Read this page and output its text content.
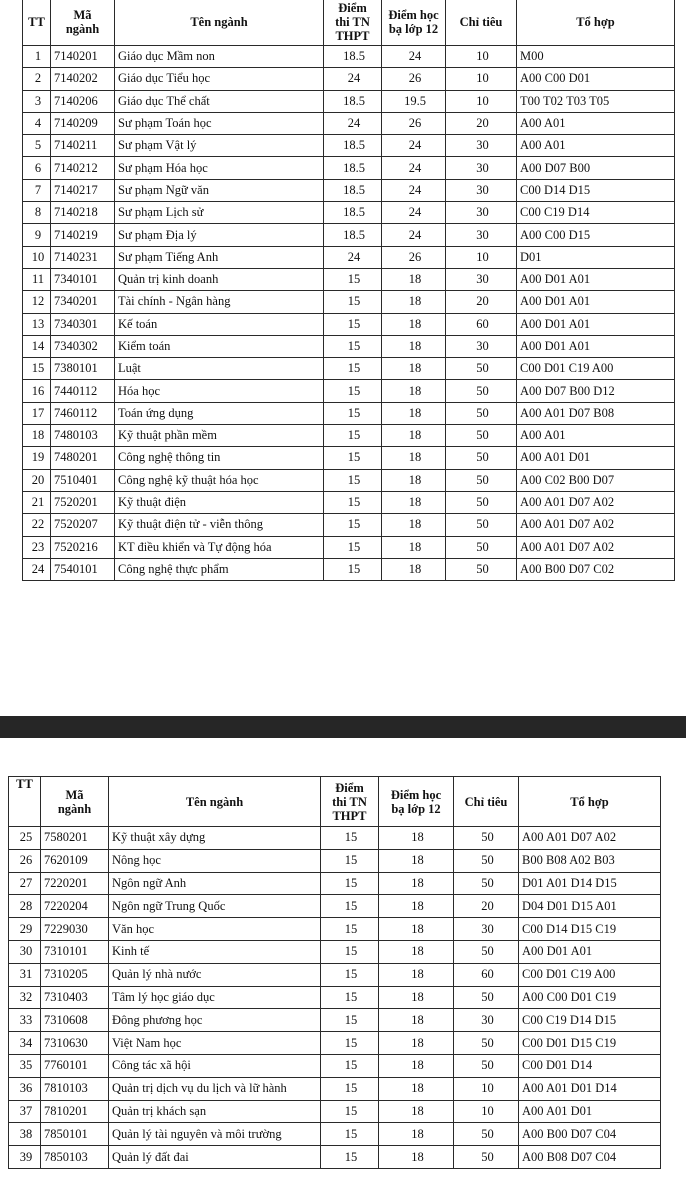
TT	Mã
ngành	Tên ngành	Điểm
thi TN
THPT	Điểm học
bạ lớp 12	Chỉ tiêu	Tổ hợp
1	7140201	Giáo dục Mầm non	18.5	24	10	M00
2	7140202	Giáo dục Tiểu học	24	26	10	A00 C00 D01
3	7140206	Giáo dục Thể chất	18.5	19.5	10	T00 T02 T03 T05
4	7140209	Sư phạm Toán học	24	26	20	A00 A01
5	7140211	Sư phạm Vật lý	18.5	24	30	A00 A01
6	7140212	Sư phạm Hóa học	18.5	24	30	A00 D07 B00
7	7140217	Sư phạm Ngữ văn	18.5	24	30	C00 D14 D15
8	7140218	Sư phạm Lịch sử	18.5	24	30	C00 C19 D14
9	7140219	Sư phạm Địa lý	18.5	24	30	A00 C00 D15
10	7140231	Sư phạm Tiếng Anh	24	26	10	D01
11	7340101	Quản trị kinh doanh	15	18	30	A00 D01 A01
12	7340201	Tài chính - Ngân hàng	15	18	20	A00 D01 A01
13	7340301	Kế toán	15	18	60	A00 D01 A01
14	7340302	Kiểm toán	15	18	30	A00 D01 A01
15	7380101	Luật	15	18	50	C00 D01 C19 A00
16	7440112	Hóa học	15	18	50	A00 D07 B00 D12
17	7460112	Toán ứng dụng	15	18	50	A00 A01 D07 B08
18	7480103	Kỹ thuật phần mềm	15	18	50	A00 A01
19	7480201	Công nghệ thông tin	15	18	50	A00 A01 D01
20	7510401	Công nghệ kỹ thuật hóa học	15	18	50	A00 C02 B00 D07
21	7520201	Kỹ thuật điện	15	18	50	A00 A01 D07 A02
22	7520207	Kỹ thuật điện tử - viễn thông	15	18	50	A00 A01 D07 A02
23	7520216	KT điều khiển và Tự động hóa	15	18	50	A00 A01 D07 A02
24	7540101	Công nghệ thực phẩm	15	18	50	A00 B00 D07 C02
TT	Mã
ngành	Tên ngành	Điểm
thi TN
THPT	Điểm học
bạ lớp 12	Chỉ tiêu	Tổ hợp
25	7580201	Kỹ thuật xây dựng	15	18	50	A00 A01 D07 A02
26	7620109	Nông học	15	18	50	B00 B08 A02 B03
27	7220201	Ngôn ngữ Anh	15	18	50	D01 A01 D14 D15
28	7220204	Ngôn ngữ Trung Quốc	15	18	20	D04 D01 D15 A01
29	7229030	Văn học	15	18	30	C00 D14 D15 C19
30	7310101	Kinh tế	15	18	50	A00 D01 A01
31	7310205	Quản lý nhà nước	15	18	60	C00 D01 C19 A00
32	7310403	Tâm lý học giáo dục	15	18	50	A00 C00 D01 C19
33	7310608	Đông phương học	15	18	30	C00 C19 D14 D15
34	7310630	Việt Nam học	15	18	50	C00 D01 D15 C19
35	7760101	Công tác xã hội	15	18	50	C00 D01 D14
36	7810103	Quản trị dịch vụ du lịch và lữ hành	15	18	10	A00 A01 D01 D14
37	7810201	Quản trị khách sạn	15	18	10	A00 A01 D01
38	7850101	Quản lý tài nguyên và môi trường	15	18	50	A00 B00 D07 C04
39	7850103	Quản lý đất đai	15	18	50	A00 B08 D07 C04
